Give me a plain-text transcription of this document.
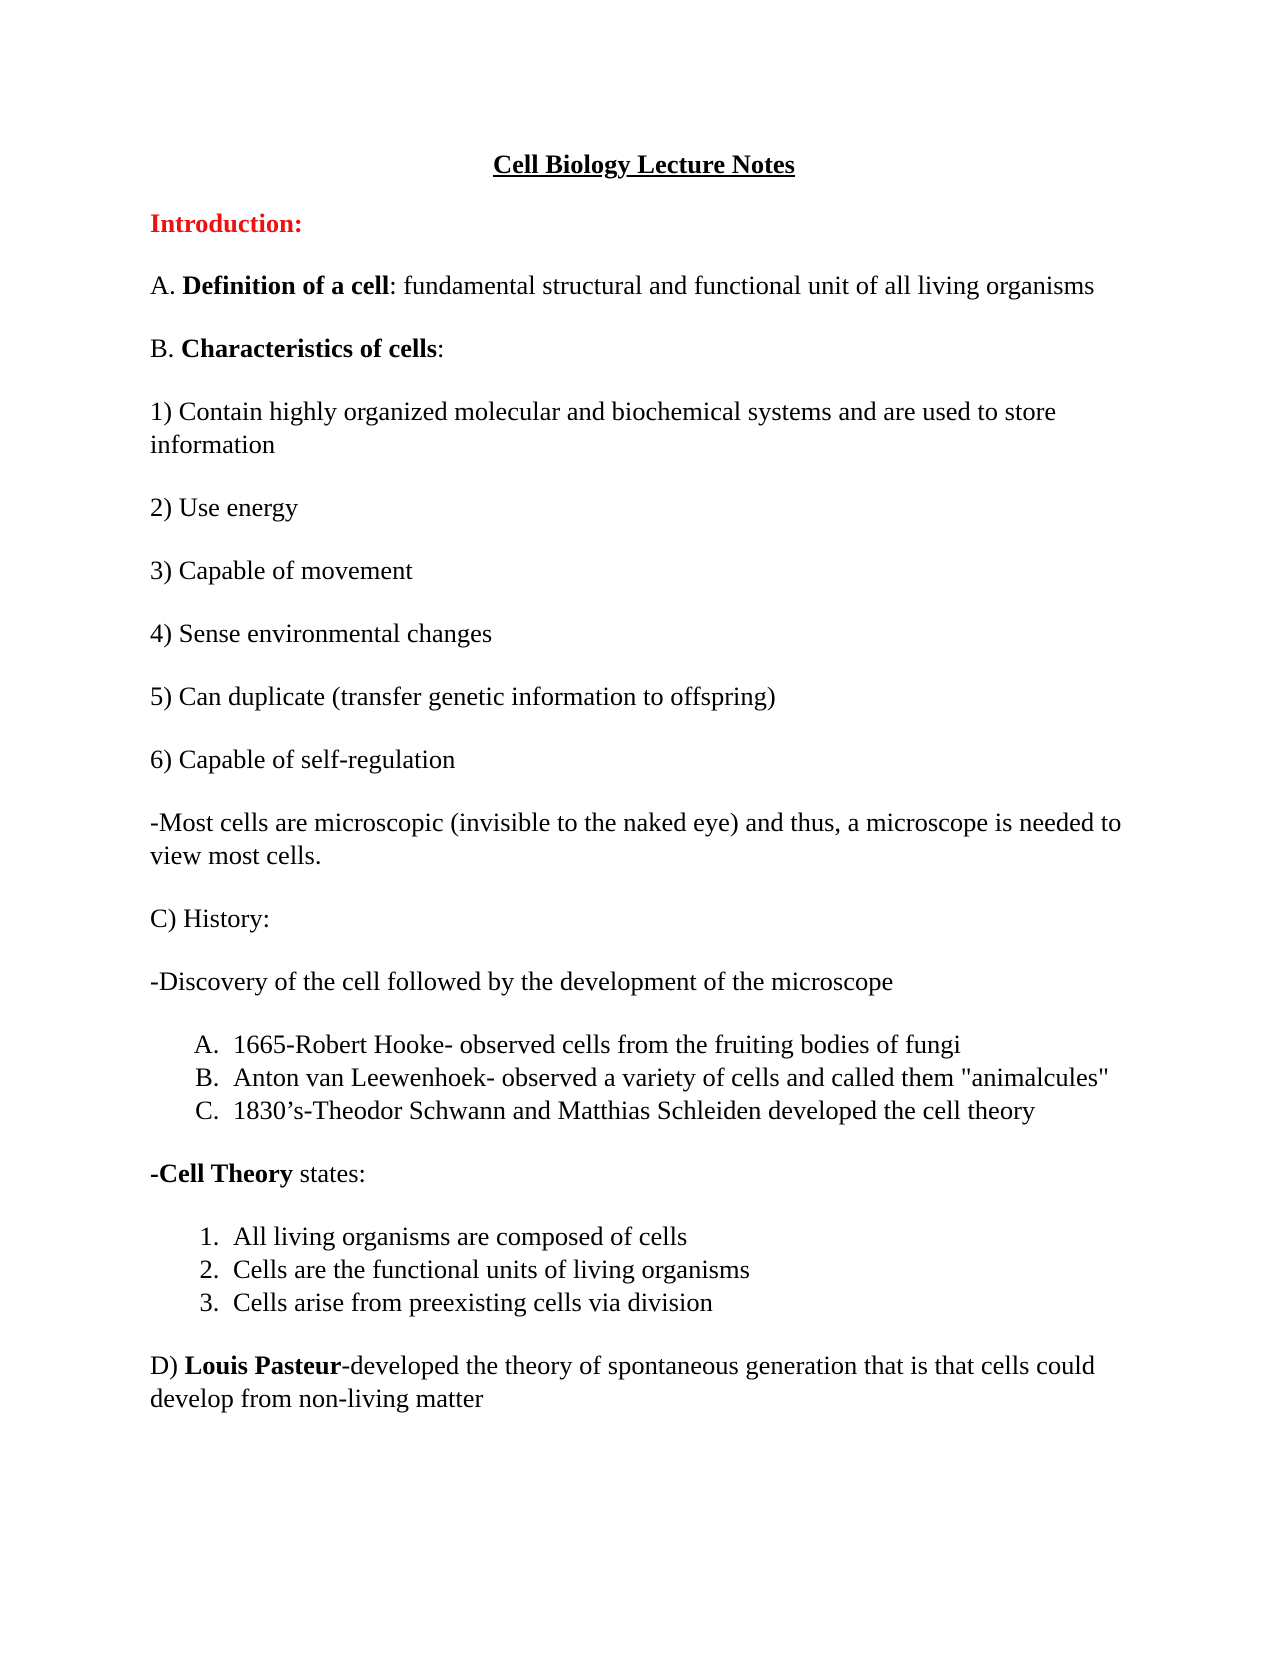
Cell Biology Lecture Notes
Introduction:

A. Definition of a cell: fundamental structural and functional unit of all living organisms

B. Characteristics of cells:

1) Contain highly organized molecular and biochemical systems and are used to store information

2) Use energy

3) Capable of movement

4) Sense environmental changes

5) Can duplicate (transfer genetic information to offspring)

6) Capable of self-regulation

-Most cells are microscopic (invisible to the naked eye) and thus, a microscope is needed to view most cells.

C) History:

-Discovery of the cell followed by the development of the microscope

A. 1665-Robert Hooke- observed cells from the fruiting bodies of fungi
B. Anton van Leewenhoek- observed a variety of cells and called them "animalcules"
C. 1830’s-Theodor Schwann and Matthias Schleiden developed the cell theory

-Cell Theory states:

1. All living organisms are composed of cells
2. Cells are the functional units of living organisms
3. Cells arise from preexisting cells via division

D) Louis Pasteur-developed the theory of spontaneous generation that is that cells could develop from non-living matter
